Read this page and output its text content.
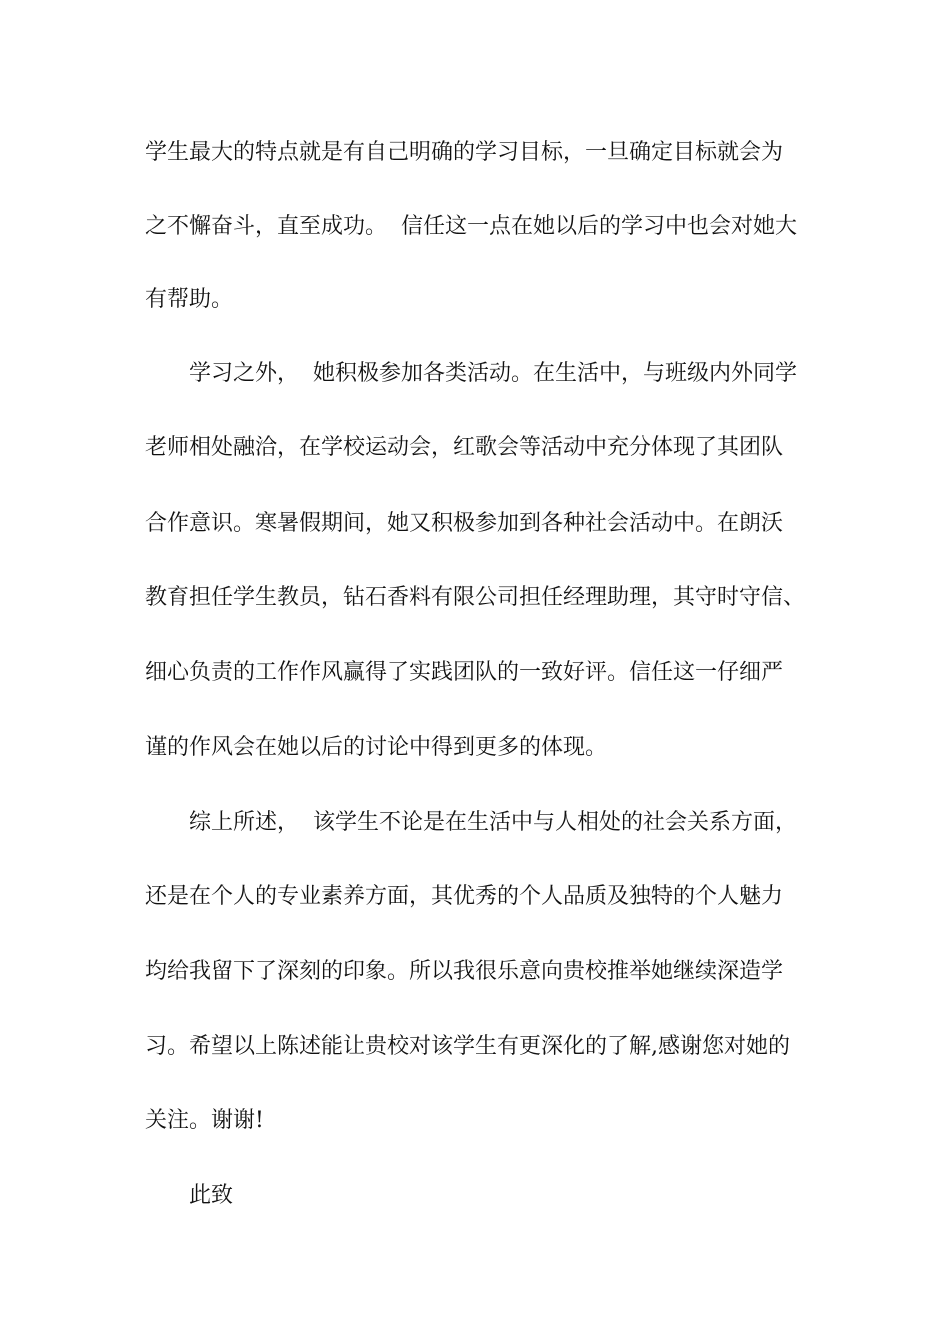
学生最大的特点就是有自己明确的学习目标，一旦确定目标就会为
之不懈奋斗，直至成功。  信任这一点在她以后的学习中也会对她大
有帮助。
学习之外，  她积极参加各类活动。在生活中，与班级内外同学
老师相处融洽，在学校运动会，红歌会等活动中充分体现了其团队
合作意识。寒暑假期间，她又积极参加到各种社会活动中。在朗沃
教育担任学生教员，钻石香料有限公司担任经理助理，其守时守信、
细心负责的工作作风赢得了实践团队的一致好评。信任这一仔细严
谨的作风会在她以后的讨论中得到更多的体现。
综上所述，  该学生不论是在生活中与人相处的社会关系方面，
还是在个人的专业素养方面，其优秀的个人品质及独特的个人魅力
均给我留下了深刻的印象。所以我很乐意向贵校推举她继续深造学
习。希望以上陈述能让贵校对该学生有更深化的了解,感谢您对她的
关注。谢谢!
此致
